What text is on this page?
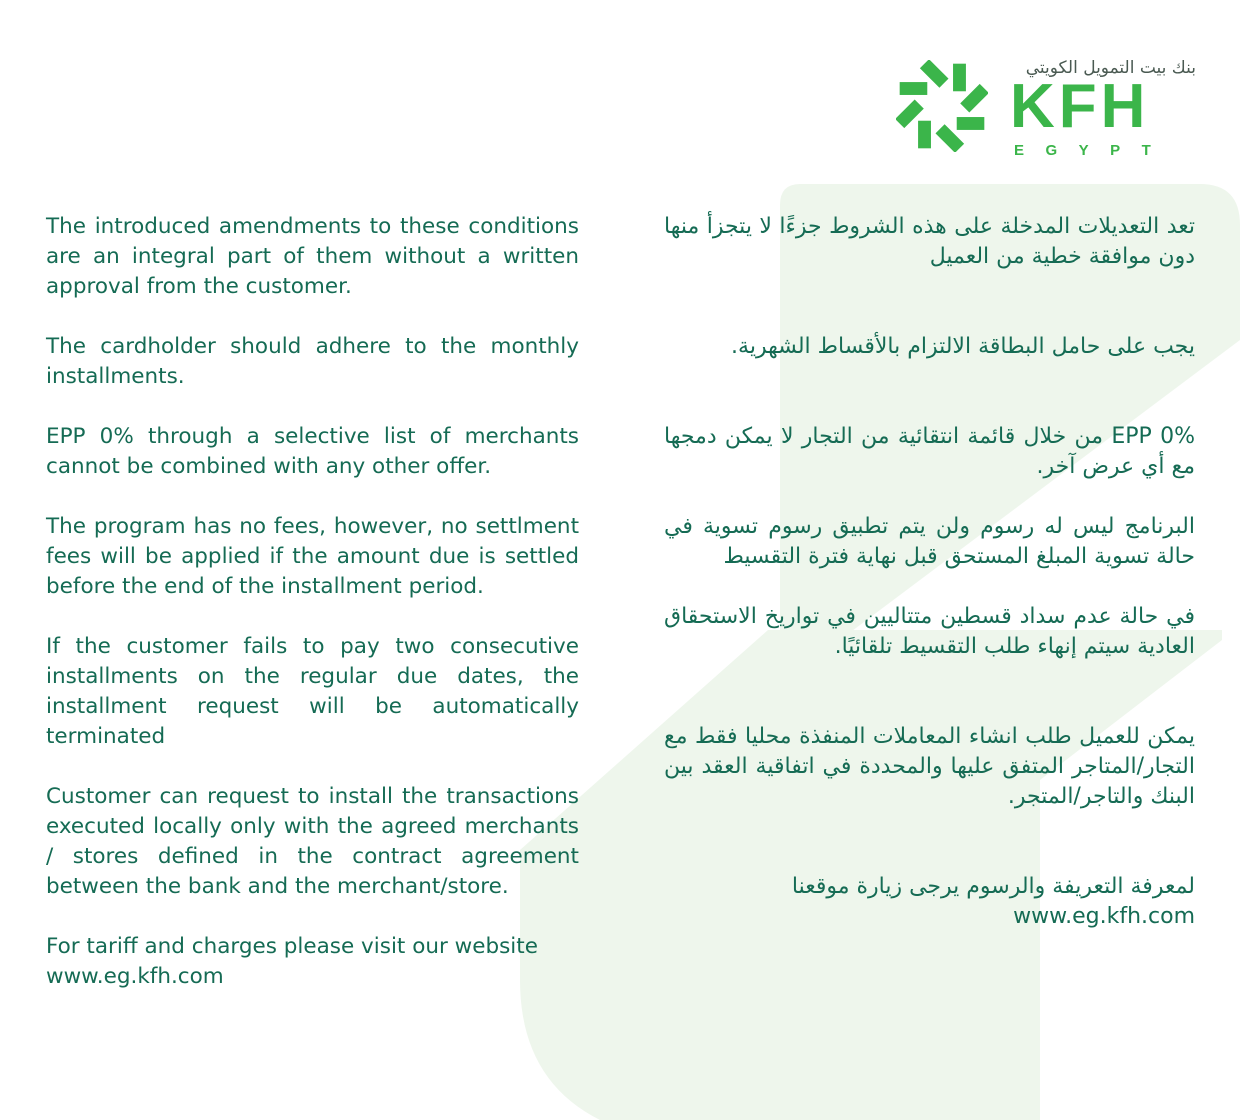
بنك بيت التمويل الكويتي
KFH
EGYPT

The introduced amendments to these conditions are an integral part of them without a written approval from the customer.

The cardholder should adhere to the monthly installments.

EPP 0% through a selective list of merchants cannot be combined with any other offer.

The program has no fees, however, no settlment fees will be applied if the amount due is settled before the end of the installment period.

If the customer fails to pay two consecutive installments on the regular due dates, the installment request will be automatically terminated

Customer can request to install the transactions executed locally only with the agreed merchants / stores defined in the contract agreement between the bank and the merchant/store.

For tariff and charges please visit our website

www.eg.kfh.com

تعد التعديلات المدخلة على هذه الشروط جزءًا لا يتجزأ منها دون موافقة خطية من العميل

يجب على حامل البطاقة الالتزام بالأقساط الشهرية.

EPP 0% من خلال قائمة انتقائية من التجار لا يمكن دمجها مع أي عرض آخر.

البرنامج ليس له رسوم ولن يتم تطبيق رسوم تسوية في حالة تسوية المبلغ المستحق قبل نهاية فترة التقسيط

في حالة عدم سداد قسطين متتاليين في تواريخ الاستحقاق العادية سيتم إنهاء طلب التقسيط تلقائيًا.

يمكن للعميل طلب انشاء المعاملات المنفذة محليا فقط مع التجار/المتاجر المتفق عليها والمحددة في اتفاقية العقد بين البنك والتاجر/المتجر.

لمعرفة التعريفة والرسوم يرجى زيارة موقعنا

www.eg.kfh.com
